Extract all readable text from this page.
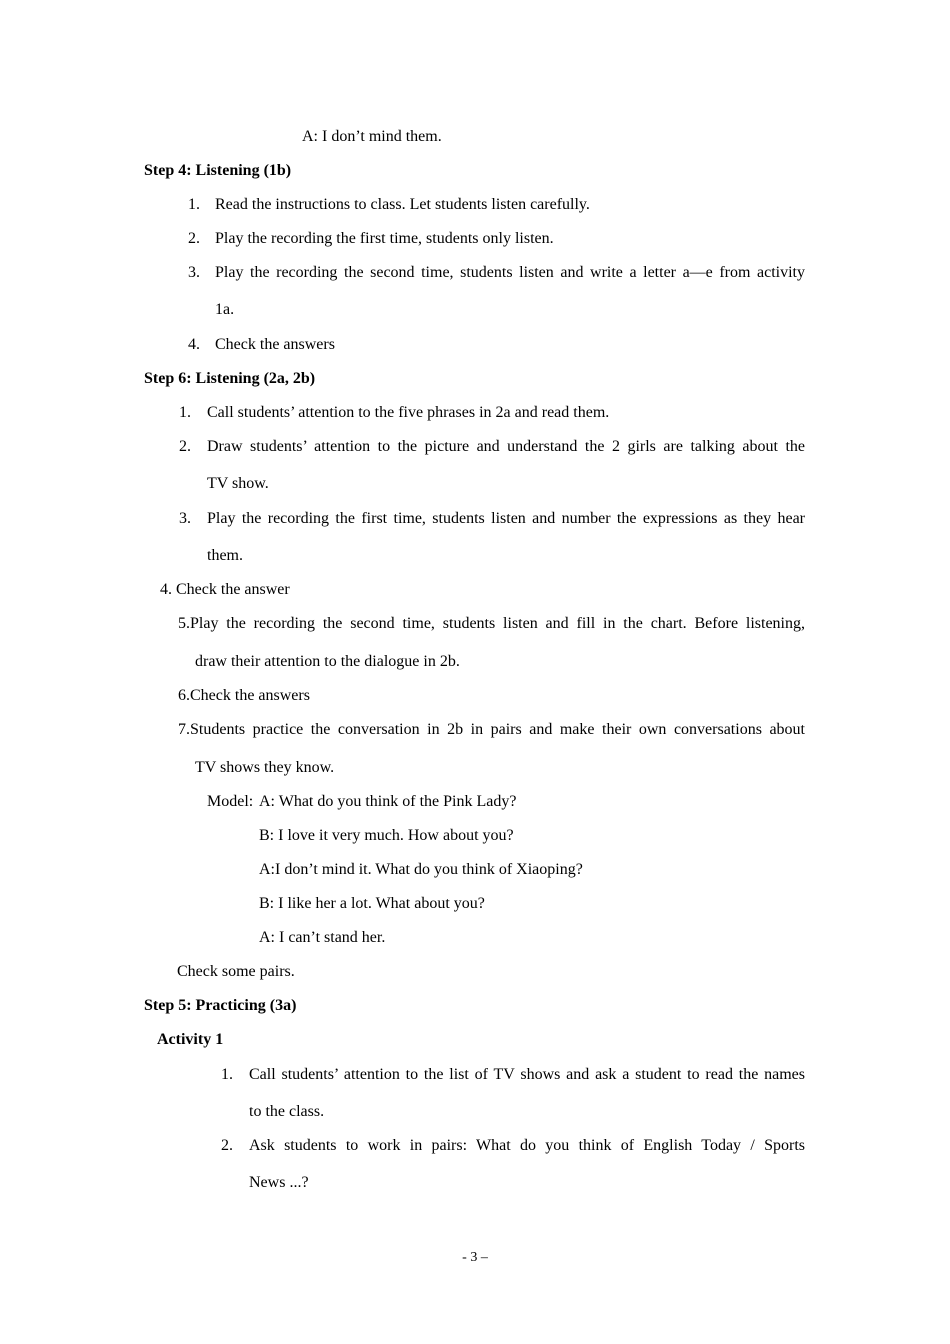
A: I don’t mind them.
Step 4: Listening (1b)
1. Read the instructions to class. Let students listen carefully.
2. Play the recording the first time, students only listen.
3. Play the recording the second time, students listen and write a letter a—e from activity
1a.
4. Check the answers
Step 6: Listening (2a, 2b)
1. Call students’ attention to the five phrases in 2a and read them.
2. Draw students’ attention to the picture and understand the 2 girls are talking about the
TV show.
3. Play the recording the first time, students listen and number the expressions as they hear
them.
4. Check the answer
5.Play the recording the second time, students listen and fill in the chart. Before listening,
draw their attention to the dialogue in 2b.
6.Check the answers
7.Students practice the conversation in 2b in pairs and make their own conversations about
TV shows they know.
Model: A: What do you think of the Pink Lady?
B: I love it very much. How about you?
A:I don’t mind it. What do you think of Xiaoping?
B: I like her a lot. What about you?
A: I can’t stand her.
Check some pairs.
Step 5: Practicing (3a)
Activity 1
1. Call students’ attention to the list of TV shows and ask a student to read the names
to the class.
2. Ask students to work in pairs: What do you think of English Today / Sports
News ...?
- 3 –
